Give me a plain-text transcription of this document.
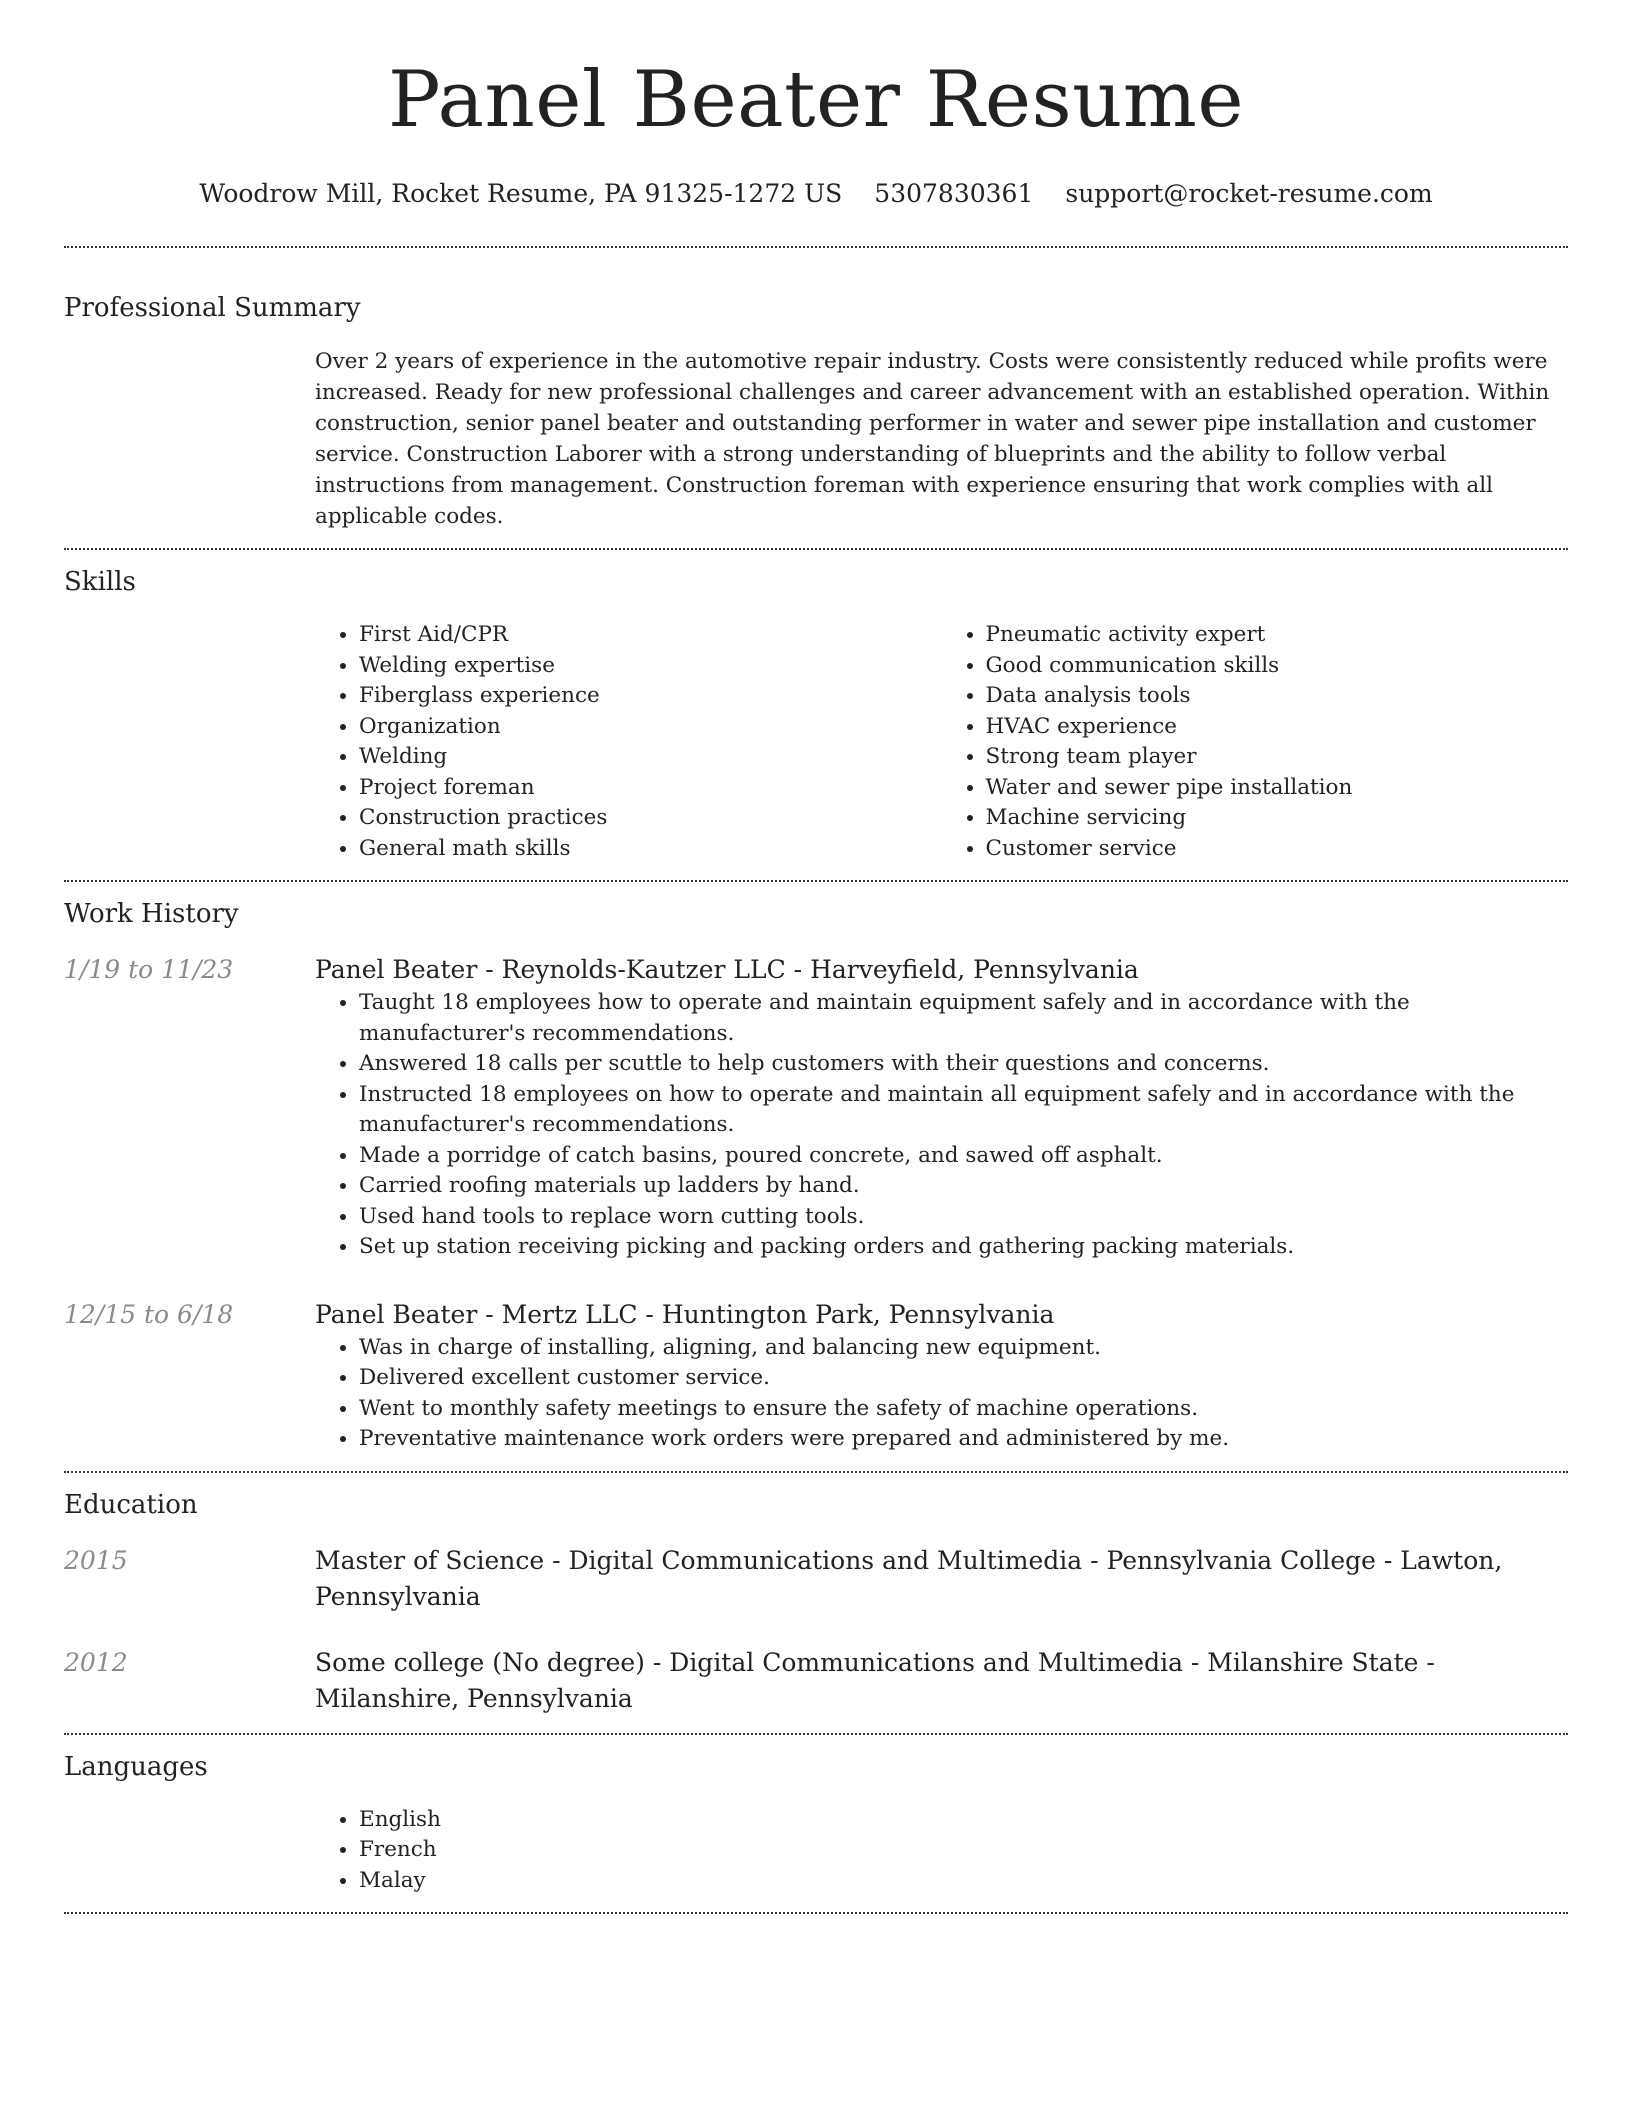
Panel Beater Resume
Woodrow Mill, Rocket Resume, PA 91325-1272 US 5307830361 support@rocket-resume.com
Professional Summary
Over 2 years of experience in the automotive repair industry. Costs were consistently reduced while profits were increased. Ready for new professional challenges and career advancement with an established operation. Within construction, senior panel beater and outstanding performer in water and sewer pipe installation and customer service. Construction Laborer with a strong understanding of blueprints and the ability to follow verbal instructions from management. Construction foreman with experience ensuring that work complies with all applicable codes.
Skills
• First Aid/CPR
• Welding expertise
• Fiberglass experience
• Organization
• Welding
• Project foreman
• Construction practices
• General math skills
• Pneumatic activity expert
• Good communication skills
• Data analysis tools
• HVAC experience
• Strong team player
• Water and sewer pipe installation
• Machine servicing
• Customer service
Work History
1/19 to 11/23	Panel Beater - Reynolds-Kautzer LLC - Harveyfield, Pennsylvania
• Taught 18 employees how to operate and maintain equipment safely and in accordance with the manufacturer's recommendations.
• Answered 18 calls per scuttle to help customers with their questions and concerns.
• Instructed 18 employees on how to operate and maintain all equipment safely and in accordance with the manufacturer's recommendations.
• Made a porridge of catch basins, poured concrete, and sawed off asphalt.
• Carried roofing materials up ladders by hand.
• Used hand tools to replace worn cutting tools.
• Set up station receiving picking and packing orders and gathering packing materials.
12/15 to 6/18	Panel Beater - Mertz LLC - Huntington Park, Pennsylvania
• Was in charge of installing, aligning, and balancing new equipment.
• Delivered excellent customer service.
• Went to monthly safety meetings to ensure the safety of machine operations.
• Preventative maintenance work orders were prepared and administered by me.
Education
2015	Master of Science - Digital Communications and Multimedia - Pennsylvania College - Lawton, Pennsylvania
2012	Some college (No degree) - Digital Communications and Multimedia - Milanshire State - Milanshire, Pennsylvania
Languages
• English
• French
• Malay
